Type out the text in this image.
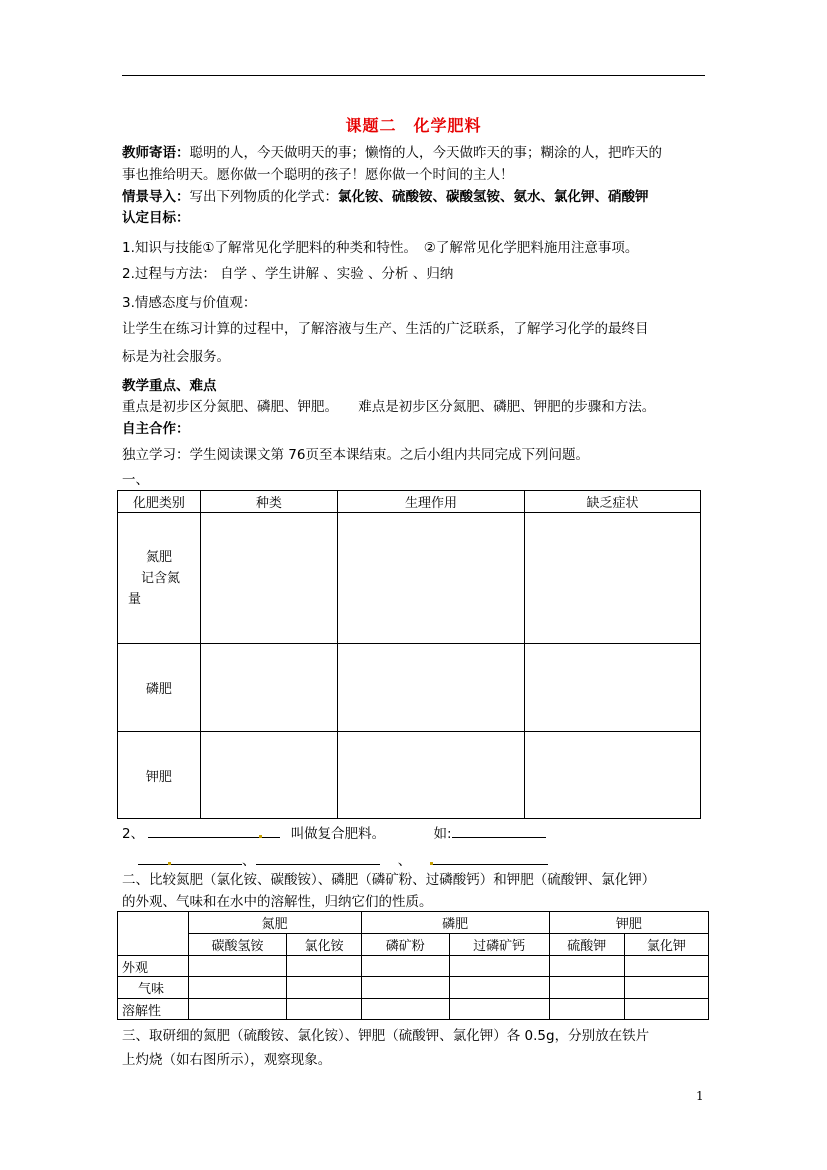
课题二　化学肥料
教师寄语：聪明的人，今天做明天的事；懒惰的人，今天做昨天的事；糊涂的人，把昨天的
事也推给明天。愿你做一个聪明的孩子！愿你做一个时间的主人！
情景导入：写出下列物质的化学式：氯化铵、硫酸铵、碳酸氢铵、氨水、氯化钾、硝酸钾
认定目标：
1.知识与技能①了解常见化学肥料的种类和特性。　②了解常见化学肥料施用注意事项。
2.过程与方法： 自学 、学生讲解 、实验 、分析 、归纳
3.情感态度与价值观：
让学生在练习计算的过程中，了解溶液与生产、生活的广泛联系，了解学习化学的最终目
标是为社会服务。
教学重点、难点
重点是初步区分氮肥、磷肥、钾肥。　　难点是初步区分氮肥、磷肥、钾肥的步骤和方法。
自主合作：
独立学习：学生阅读课文第 76页至本课结束。之后小组内共同完成下列问题。
一、
化肥类别	种类	生理作用	缺乏症状

氮肥
记含氮
量			

磷肥			
钾肥			
2、	叫做复合肥料。	如:
、	、
二、比较氮肥（氯化铵、碳酸铵）、磷肥（磷矿粉、过磷酸钙）和钾肥（硫酸钾、氯化钾）
的外观、气味和在水中的溶解性，归纳它们的性质。
	氮肥		磷肥		钾肥	
	碳酸氢铵	氯化铵	磷矿粉	过磷矿钙	硫酸钾	氯化钾
外观						
气味						
溶解性						
三、取研细的氮肥（硫酸铵、氯化铵）、钾肥（硫酸钾、氯化钾）各 0.5g，分别放在铁片
上灼烧（如右图所示），观察现象。
1
